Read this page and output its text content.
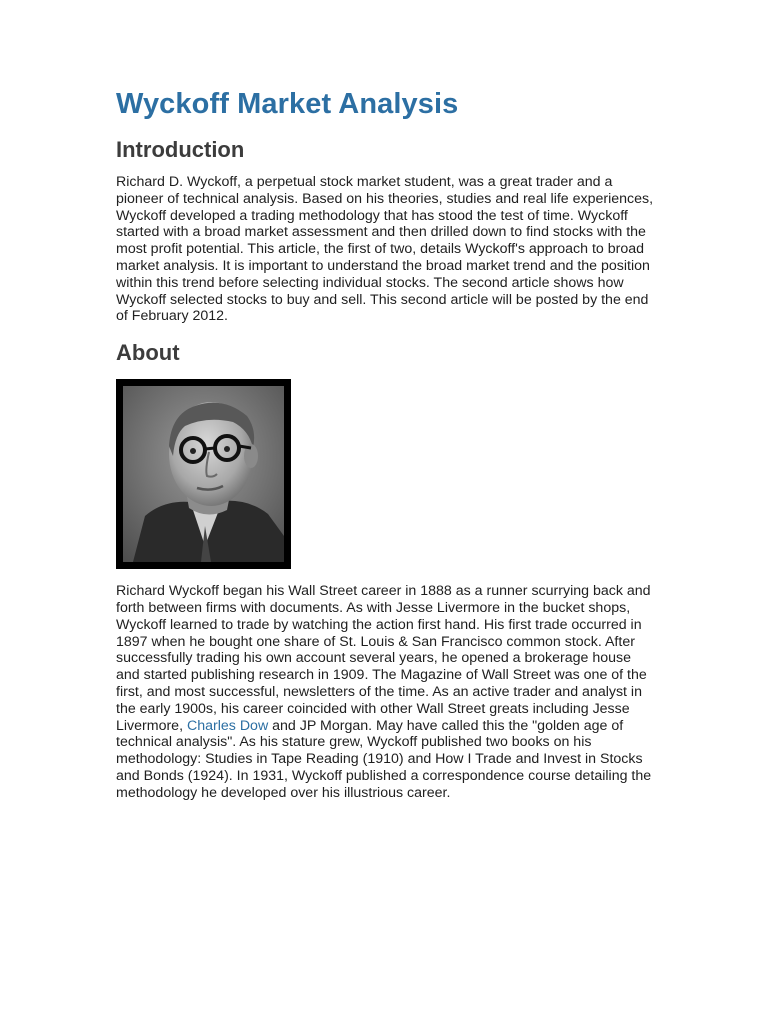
Wyckoff Market Analysis
Introduction

Richard D. Wyckoff, a perpetual stock market student, was a great trader and a pioneer of technical analysis. Based on his theories, studies and real life experiences, Wyckoff developed a trading methodology that has stood the test of time. Wyckoff started with a broad market assessment and then drilled down to find stocks with the most profit potential. This article, the first of two, details Wyckoff's approach to broad market analysis. It is important to understand the broad market trend and the position within this trend before selecting individual stocks. The second article shows how Wyckoff selected stocks to buy and sell. This second article will be posted by the end of February 2012.

About

Richard Wyckoff began his Wall Street career in 1888 as a runner scurrying back and forth between firms with documents. As with Jesse Livermore in the bucket shops, Wyckoff learned to trade by watching the action first hand. His first trade occurred in 1897 when he bought one share of St. Louis & San Francisco common stock. After successfully trading his own account several years, he opened a brokerage house and started publishing research in 1909. The Magazine of Wall Street was one of the first, and most successful, newsletters of the time. As an active trader and analyst in the early 1900s, his career coincided with other Wall Street greats including Jesse Livermore, Charles Dow and JP Morgan. May have called this the "golden age of technical analysis". As his stature grew, Wyckoff published two books on his methodology: Studies in Tape Reading (1910) and How I Trade and Invest in Stocks and Bonds (1924). In 1931, Wyckoff published a correspondence course detailing the methodology he developed over his illustrious career.
